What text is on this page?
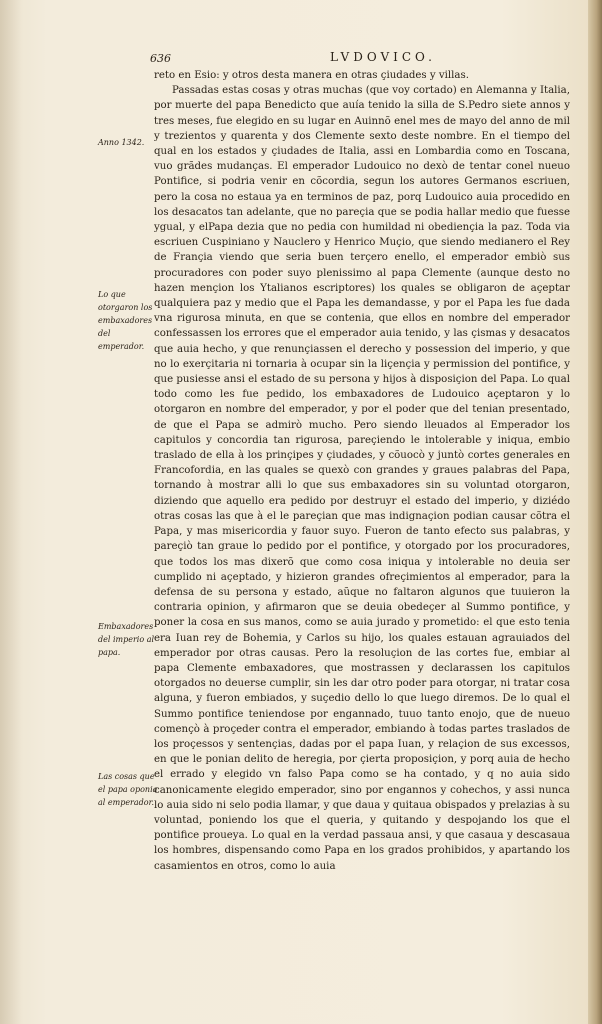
636	LVDOVICO.
Anno 1342.
Lo que otorgaron los embaxadores del emperador.
Embaxadores del imperio al papa.
Las cosas que el papa oponia al emperador.

reto en Esio: y otros desta manera en otras çiudades y villas.

Passadas estas cosas y otras muchas (que voy cortado) en Alemanna y Italia, por muerte del papa Benedicto que auía tenido la silla de S.Pedro siete annos y tres meses, fue elegido en su lugar en Auinnõ enel mes de mayo del anno de mil y trezientos y quarenta y dos Clemente sexto deste nombre. En el tiempo del qual en los estados y çiudades de Italia, assi en Lombardia como en Toscana, vuo grãdes mudanças. El emperador Ludouico no dexò de tentar conel nueuo Pontifice, si podria venir en cõcordia, segun los autores Germanos escriuen, pero la cosa no estaua ya en terminos de paz, porq Ludouico auia procedido en los desacatos tan adelante, que no pareçia que se podia hallar medio que fuesse ygual, y elPapa dezia que no pedia con humildad ni obediençia la paz. Toda via escriuen Cuspiniano y Nauclero y Henrico Muçio, que siendo medianero el Rey de Françia viendo que seria buen terçero enello, el emperador embiò sus procuradores con poder suyo plenissimo al papa Clemente (aunque desto no hazen mençion los Ytalianos escriptores) los quales se obligaron de açeptar qualquiera paz y medio que el Papa les demandasse, y por el Papa les fue dada vna rigurosa minuta, en que se contenia, que ellos en nombre del emperador confessassen los errores que el emperador auia tenido, y las çismas y desacatos que auia hecho, y que renunçiassen el derecho y possession del imperio, y que no lo exerçitaria ni tornaria à ocupar sin la liçençia y permission del pontifice, y que pusiesse ansi el estado de su persona y hijos à disposiçion del Papa. Lo qual todo como les fue pedido, los embaxadores de Ludouico açeptaron y lo otorgaron en nombre del emperador, y por el poder que del tenian presentado, de que el Papa se admirò mucho. Pero siendo lleuados al Emperador los capitulos y concordia tan rigurosa, pareçiendo le intolerable y iniqua, embio traslado de ella à los prinçipes y çiudades, y cõuocò y juntò cortes generales en Francofordia, en las quales se quexò con grandes y graues palabras del Papa, tornando à mostrar alli lo que sus embaxadores sin su voluntad otorgaron, diziendo que aquello era pedido por destruyr el estado del imperio, y diziédo otras cosas las que à el le pareçian que mas indignaçion podian causar cõtra el Papa, y mas misericordia y fauor suyo. Fueron de tanto efecto sus palabras, y pareçiò tan graue lo pedido por el pontifice, y otorgado por los procuradores, que todos los mas dixerõ que como cosa iniqua y intolerable no deuia ser cumplido ni açeptado, y hizieron grandes ofreçimientos al emperador, para la defensa de su persona y estado, aũque no faltaron algunos que tuuieron la contraria opinion, y afirmaron que se deuia obedeçer al Summo pontifice, y poner la cosa en sus manos, como se auia jurado y prometido: el que esto tenia era Iuan rey de Bohemia, y Carlos su hijo, los quales estauan agrauiados del emperador por otras causas. Pero la resoluçion de las cortes fue, embiar al papa Clemente embaxadores, que mostrassen y declarassen los capitulos otorgados no deuerse cumplir, sin les dar otro poder para otorgar, ni tratar cosa alguna, y fueron embiados, y suçedio dello lo que luego diremos. De lo qual el Summo pontifice teniendose por engannado, tuuo tanto enojo, que de nueuo començò à proçeder contra el emperador, embiando à todas partes traslados de los proçessos y sentençias, dadas por el papa Iuan, y relaçion de sus excessos, en que le ponian delito de heregia, por çierta proposiçion, y porq auia de hecho el errado y elegido vn falso Papa como se ha contado, y q no auia sido canonicamente elegido emperador, sino por engannos y cohechos, y assi nunca lo auia sido ni selo podia llamar, y que daua y quitaua obispados y prelazias à su voluntad, poniendo los que el queria, y quitando y despojando los que el pontifice proueya. Lo qual en la verdad passaua ansi, y que casaua y descasaua los hombres, dispensando como Papa en los grados prohibidos, y apartando los casamientos en otros, como lo auia
